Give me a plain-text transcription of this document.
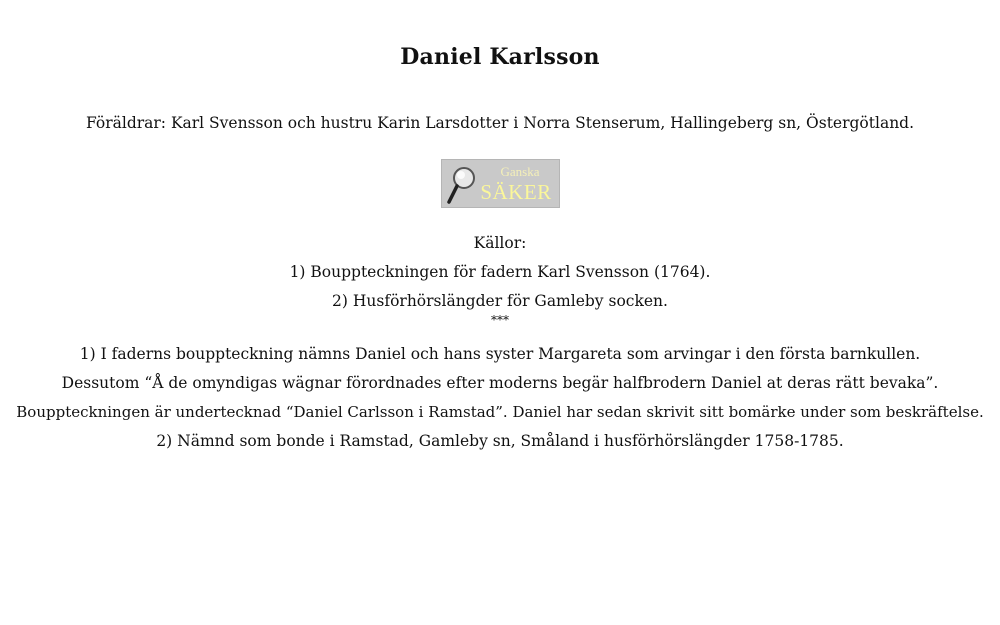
Daniel Karlsson
Föräldrar: Karl Svensson och hustru Karin Larsdotter i Norra Stenserum, Hallingeberg sn, Östergötland.
Ganska
SÄKER
Källor:
1) Bouppteckningen för fadern Karl Svensson (1764).
2) Husförhörslängder för Gamleby socken.
***
1) I faderns bouppteckning nämns Daniel och hans syster Margareta som arvingar i den första barnkullen.
Dessutom “Å de omyndigas wägnar förordnades efter moderns begär halfbrodern Daniel at deras rätt bevaka”.
Bouppteckningen är undertecknad “Daniel Carlsson i Ramstad”. Daniel har sedan skrivit sitt bomärke under som beskräftelse.
2) Nämnd som bonde i Ramstad, Gamleby sn, Småland i husförhörslängder 1758-1785.
